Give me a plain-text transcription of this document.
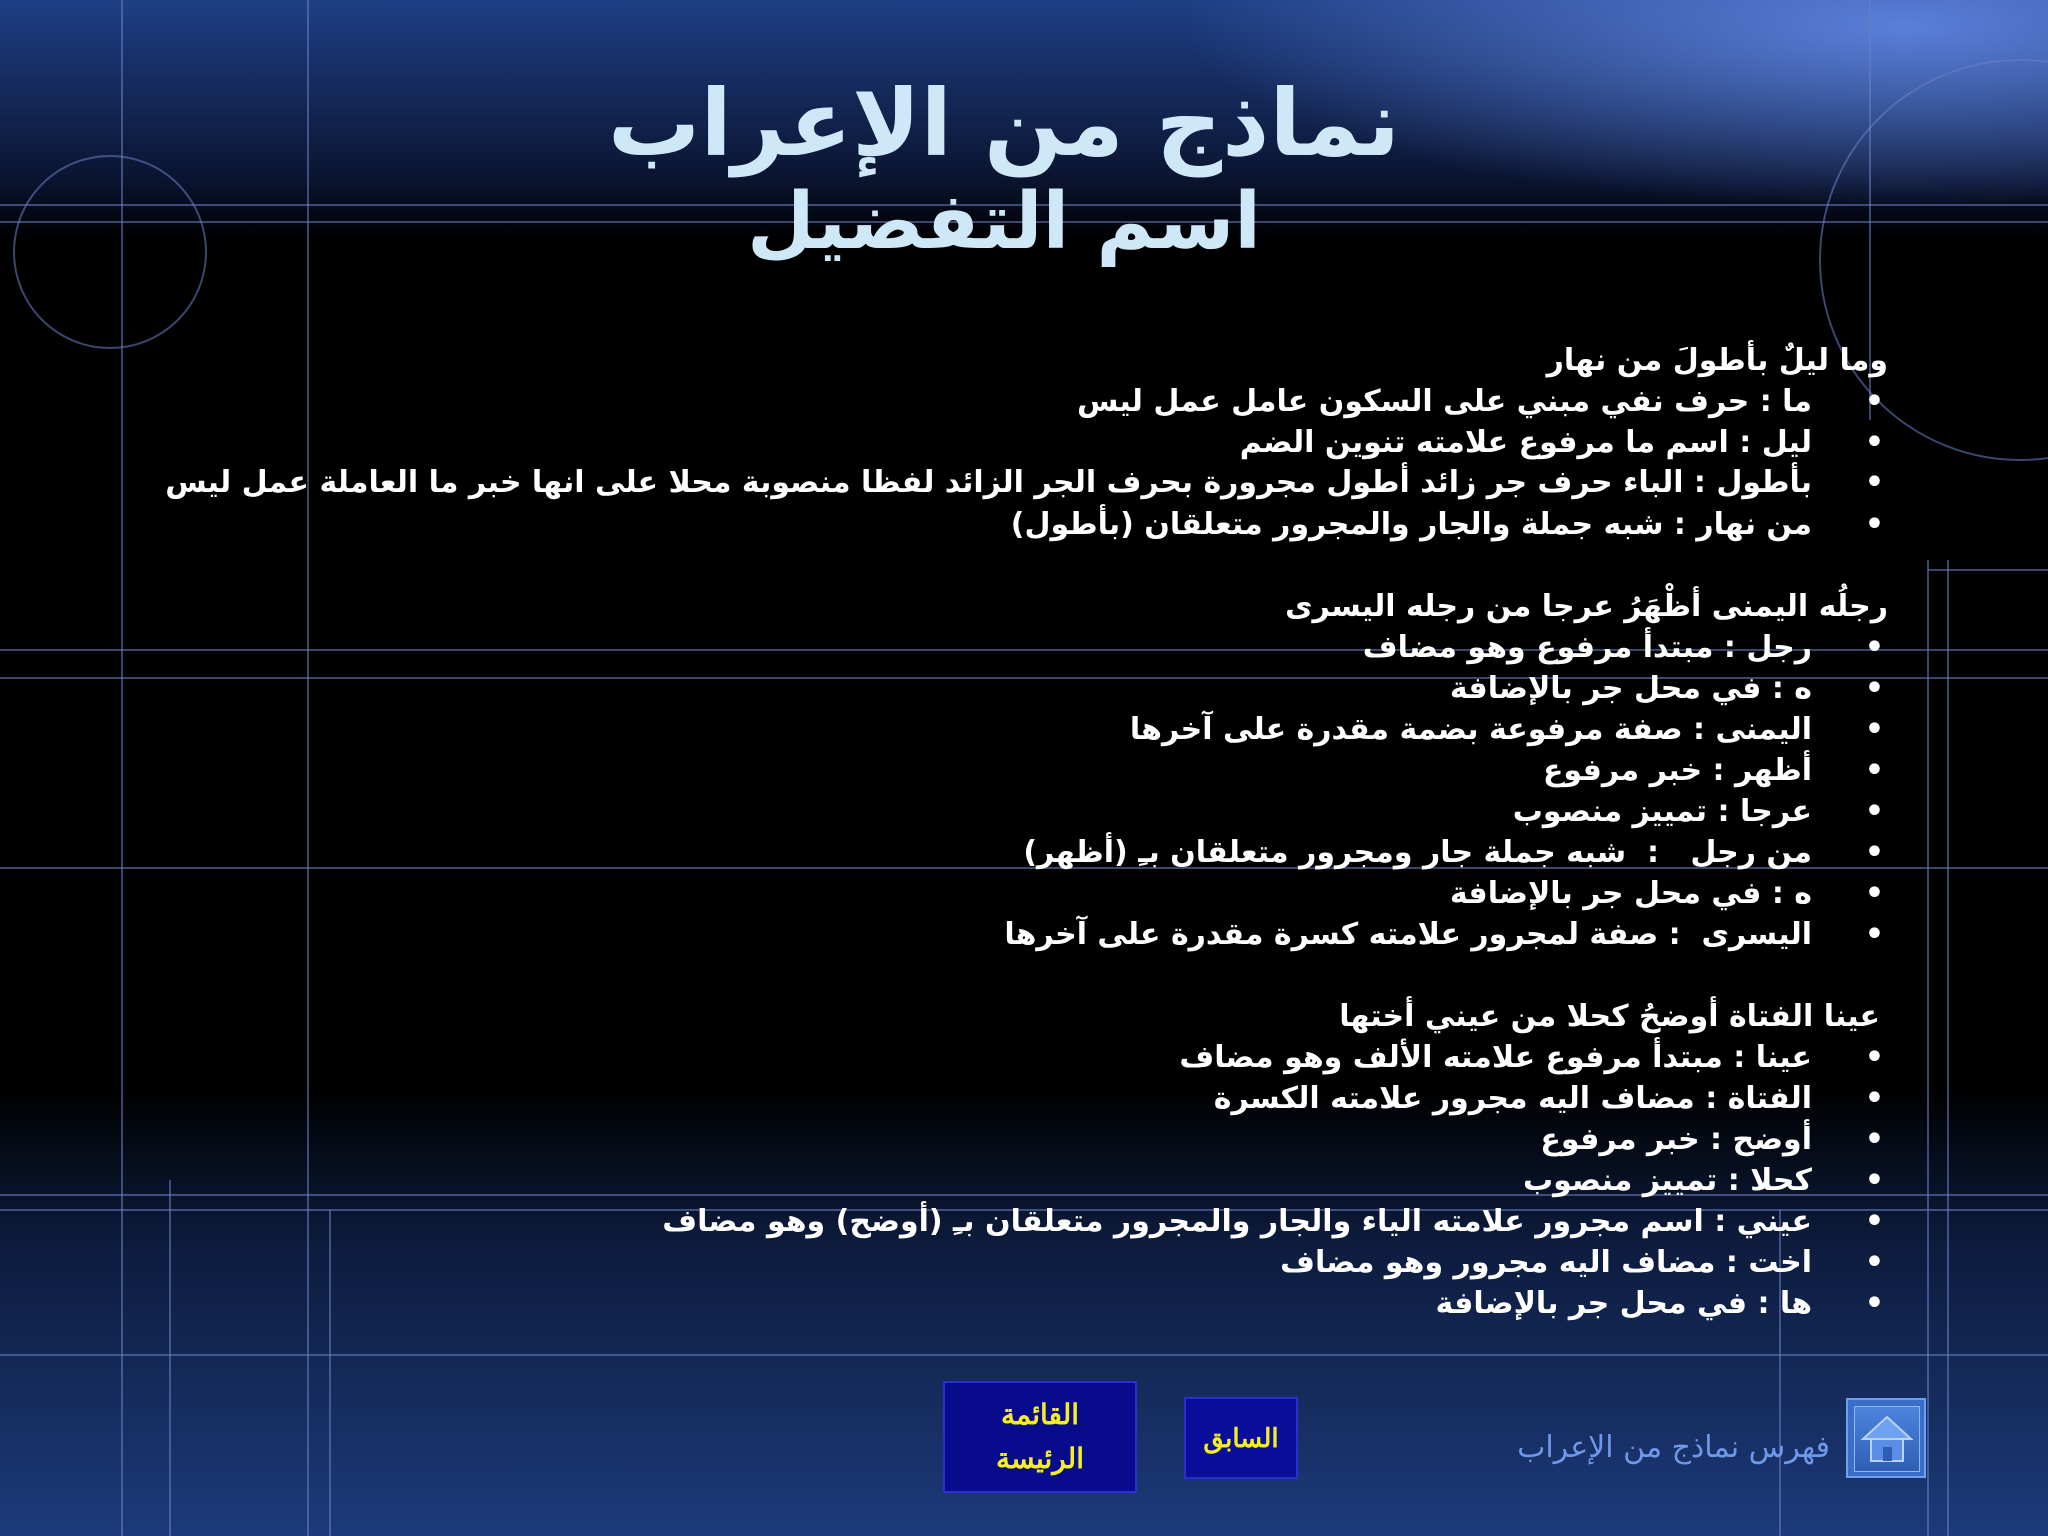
نماذج من الإعراب
اسم التفضيل
وما ليلٌ بأطولَ من نهار
•
ما : حرف نفي مبني على السكون عامل عمل ليس
•
ليل : اسم ما مرفوع علامته تنوين الضم
•
بأطول : الباء حرف جر زائد أطول مجرورة بحرف الجر الزائد لفظا منصوبة محلا على انها خبر ما العاملة عمل ليس
•
من نهار : شبه جملة والجار والمجرور متعلقان (بأطول)
رجلُه اليمنى أظْهَرُ عرجا من رجله اليسرى
•
رجل : مبتدأ مرفوع وهو مضاف
•
ه : في محل جر بالإضافة
•
اليمنى : صفة مرفوعة بضمة مقدرة على آخرها
•
أظهر : خبر مرفوع
•
عرجا : تمييز منصوب
•
من رجل   :  شبه جملة جار ومجرور متعلقان بـِ (أظهر)
•
ه : في محل جر بالإضافة
•
اليسرى  : صفة لمجرور علامته كسرة مقدرة على آخرها
عينا الفتاة أوضحُ كحلا من عيني أختها
•
عينا : مبتدأ مرفوع علامته الألف وهو مضاف
•
الفتاة : مضاف اليه مجرور علامته الكسرة
•
أوضح : خبر مرفوع
•
كحلا : تمييز منصوب
•
عيني : اسم مجرور علامته الياء والجار والمجرور متعلقان بـِ (أوضح) وهو مضاف
•
اخت : مضاف اليه مجرور وهو مضاف
•
ها : في محل جر بالإضافة
فهرس نماذج من الإعراب
السابق
القائمة
الرئيسة
